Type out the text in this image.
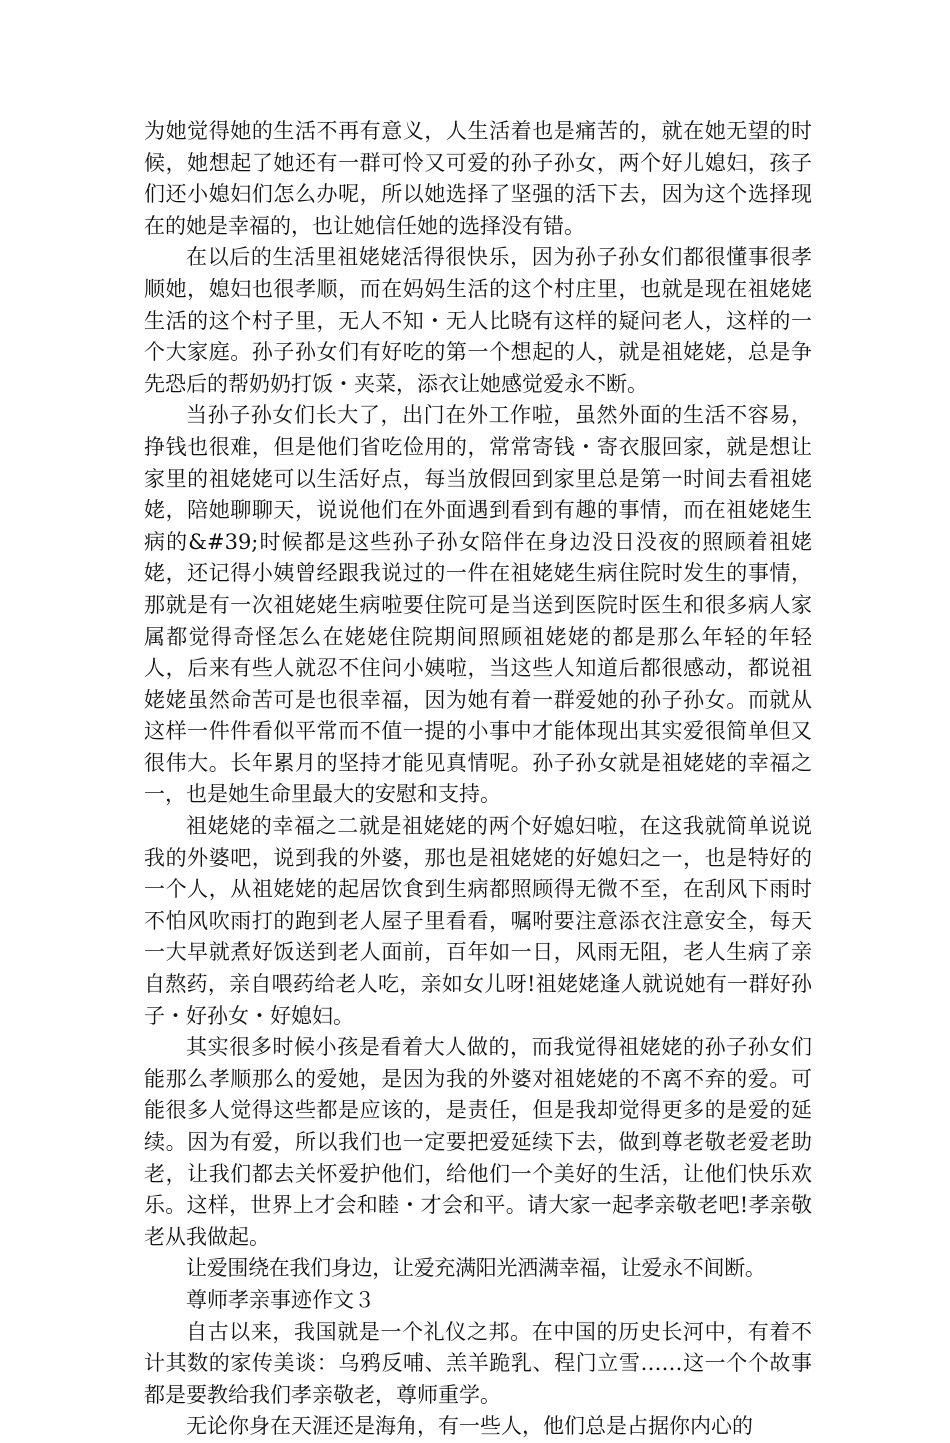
为她觉得她的生活不再有意义，人生活着也是痛苦的，就在她无望的时候，她想起了她还有一群可怜又可爱的孙子孙女，两个好儿媳妇，孩子们还小媳妇们怎么办呢，所以她选择了坚强的活下去，因为这个选择现在的她是幸福的，也让她信任她的选择没有错。

在以后的生活里祖姥姥活得很快乐，因为孙子孙女们都很懂事很孝顺她，媳妇也很孝顺，而在妈妈生活的这个村庄里，也就是现在祖姥姥生活的这个村子里，无人不知・无人比晓有这样的疑问老人，这样的一个大家庭。孙子孙女们有好吃的第一个想起的人，就是祖姥姥，总是争先恐后的帮奶奶打饭・夹菜，添衣让她感觉爱永不断。

当孙子孙女们长大了，出门在外工作啦，虽然外面的生活不容易，挣钱也很难，但是他们省吃俭用的，常常寄钱・寄衣服回家，就是想让家里的祖姥姥可以生活好点，每当放假回到家里总是第一时间去看祖姥姥，陪她聊聊天，说说他们在外面遇到看到有趣的事情，而在祖姥姥生病的&#39;时候都是这些孙子孙女陪伴在身边没日没夜的照顾着祖姥姥，还记得小姨曾经跟我说过的一件在祖姥姥生病住院时发生的事情，那就是有一次祖姥姥生病啦要住院可是当送到医院时医生和很多病人家属都觉得奇怪怎么在姥姥住院期间照顾祖姥姥的都是那么年轻的年轻人，后来有些人就忍不住问小姨啦，当这些人知道后都很感动，都说祖姥姥虽然命苦可是也很幸福，因为她有着一群爱她的孙子孙女。而就从这样一件件看似平常而不值一提的小事中才能体现出其实爱很简单但又很伟大。长年累月的坚持才能见真情呢。孙子孙女就是祖姥姥的幸福之一，也是她生命里最大的安慰和支持。

祖姥姥的幸福之二就是祖姥姥的两个好媳妇啦，在这我就简单说说我的外婆吧，说到我的外婆，那也是祖姥姥的好媳妇之一，也是特好的一个人，从祖姥姥的起居饮食到生病都照顾得无微不至，在刮风下雨时不怕风吹雨打的跑到老人屋子里看看，嘱咐要注意添衣注意安全，每天一大早就煮好饭送到老人面前，百年如一日，风雨无阻，老人生病了亲自熬药，亲自喂药给老人吃，亲如女儿呀!祖姥姥逢人就说她有一群好孙子・好孙女・好媳妇。

其实很多时候小孩是看着大人做的，而我觉得祖姥姥的孙子孙女们能那么孝顺那么的爱她，是因为我的外婆对祖姥姥的不离不弃的爱。可能很多人觉得这些都是应该的，是责任，但是我却觉得更多的是爱的延续。因为有爱，所以我们也一定要把爱延续下去，做到尊老敬老爱老助老，让我们都去关怀爱护他们，给他们一个美好的生活，让他们快乐欢乐。这样，世界上才会和睦・才会和平。请大家一起孝亲敬老吧!孝亲敬老从我做起。

让爱围绕在我们身边，让爱充满阳光洒满幸福，让爱永不间断。

尊师孝亲事迹作文３

自古以来，我国就是一个礼仪之邦。在中国的历史长河中，有着不计其数的家传美谈：乌鸦反哺、羔羊跪乳、程门立雪……这一个个故事都是要教给我们孝亲敬老，尊师重学。

无论你身在天涯还是海角，有一些人，他们总是占据你内心的
